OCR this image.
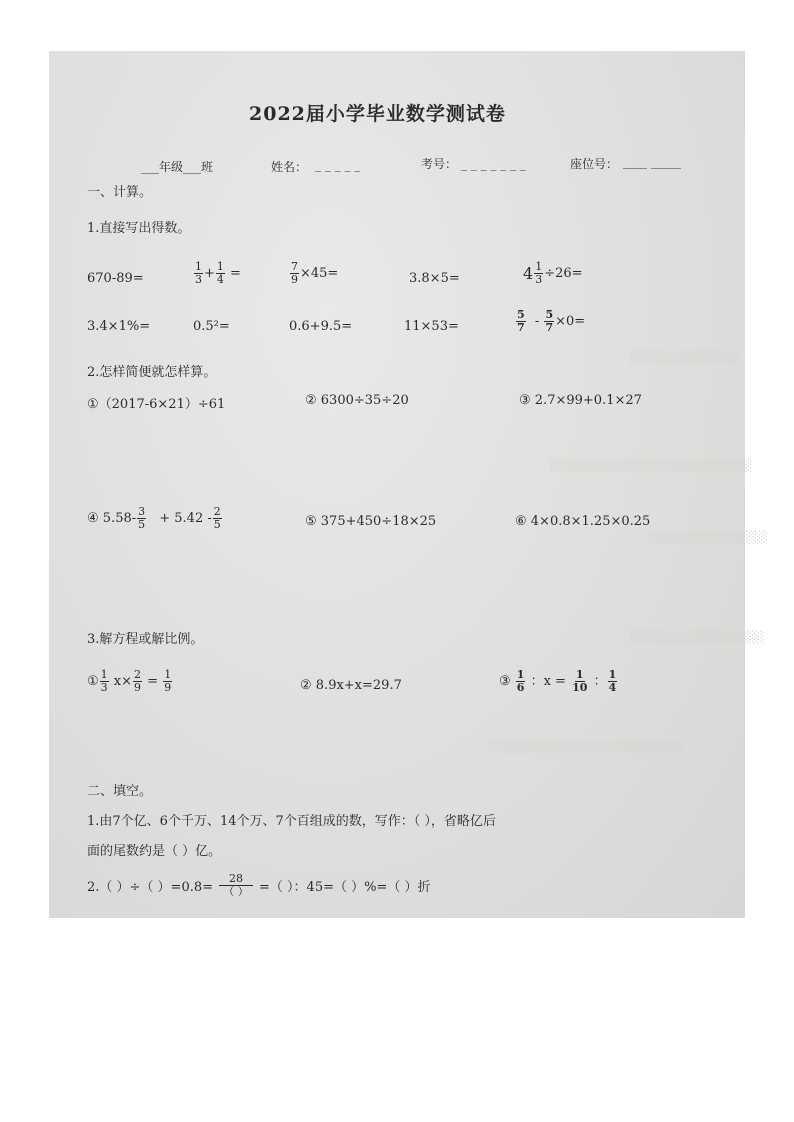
░░░░░░░░░░░░░
░░░░░░░░░░░░░░░░░░░░░░░░
░░░░░░░░░░░░░░
░░░░░░░░░░░░░░░░
░░░░░░░░░░░░░░░░░░░░░░░
2022届小学毕业数学测试卷
___年级___班	姓名： _ _ _ _ _	考号： _ _ _ _ _ _ _	座位号： ____ _____
一、计算。
1.直接写出得数。
670-89=	$\frac{1}{3} + \frac{1}{4}$ =	$\frac{7}{9} \times 45=$	3.8×5=	$4 \frac{1}{3} \div 26=$
3.4×1%=	0.5²=	0.6+9.5=	11×53=	$\frac{5}{7} - \frac{5}{7} \times 0=$
2.怎样简便就怎样算。
①（2017-6×21）÷61	② 6300÷35÷20	③ 2.7×99+0.1×27
④ $5.58- \frac{3}{5} + 5.42 - \frac{2}{5}$	⑤ 375+450÷18×25	⑥ 4×0.8×1.25×0.25
3.解方程或解比例。
① $\frac{1}{3} x\times \frac{2}{9} = \frac{1}{9}$	② 8.9x+x=29.7	③ $\frac{1}{6}$ ：$x = \frac{1}{10}$ ： $\frac{1}{4}$
二、填空。
1.由7个亿、6个千万、14个万、7个百组成的数，写作：（ ），省略亿后
面的尾数约是（ ）亿。
2.（ ）÷（ ）$=0.8= \frac{28}{( )}$ =（ ）：45=（ ）%=（ ）折
